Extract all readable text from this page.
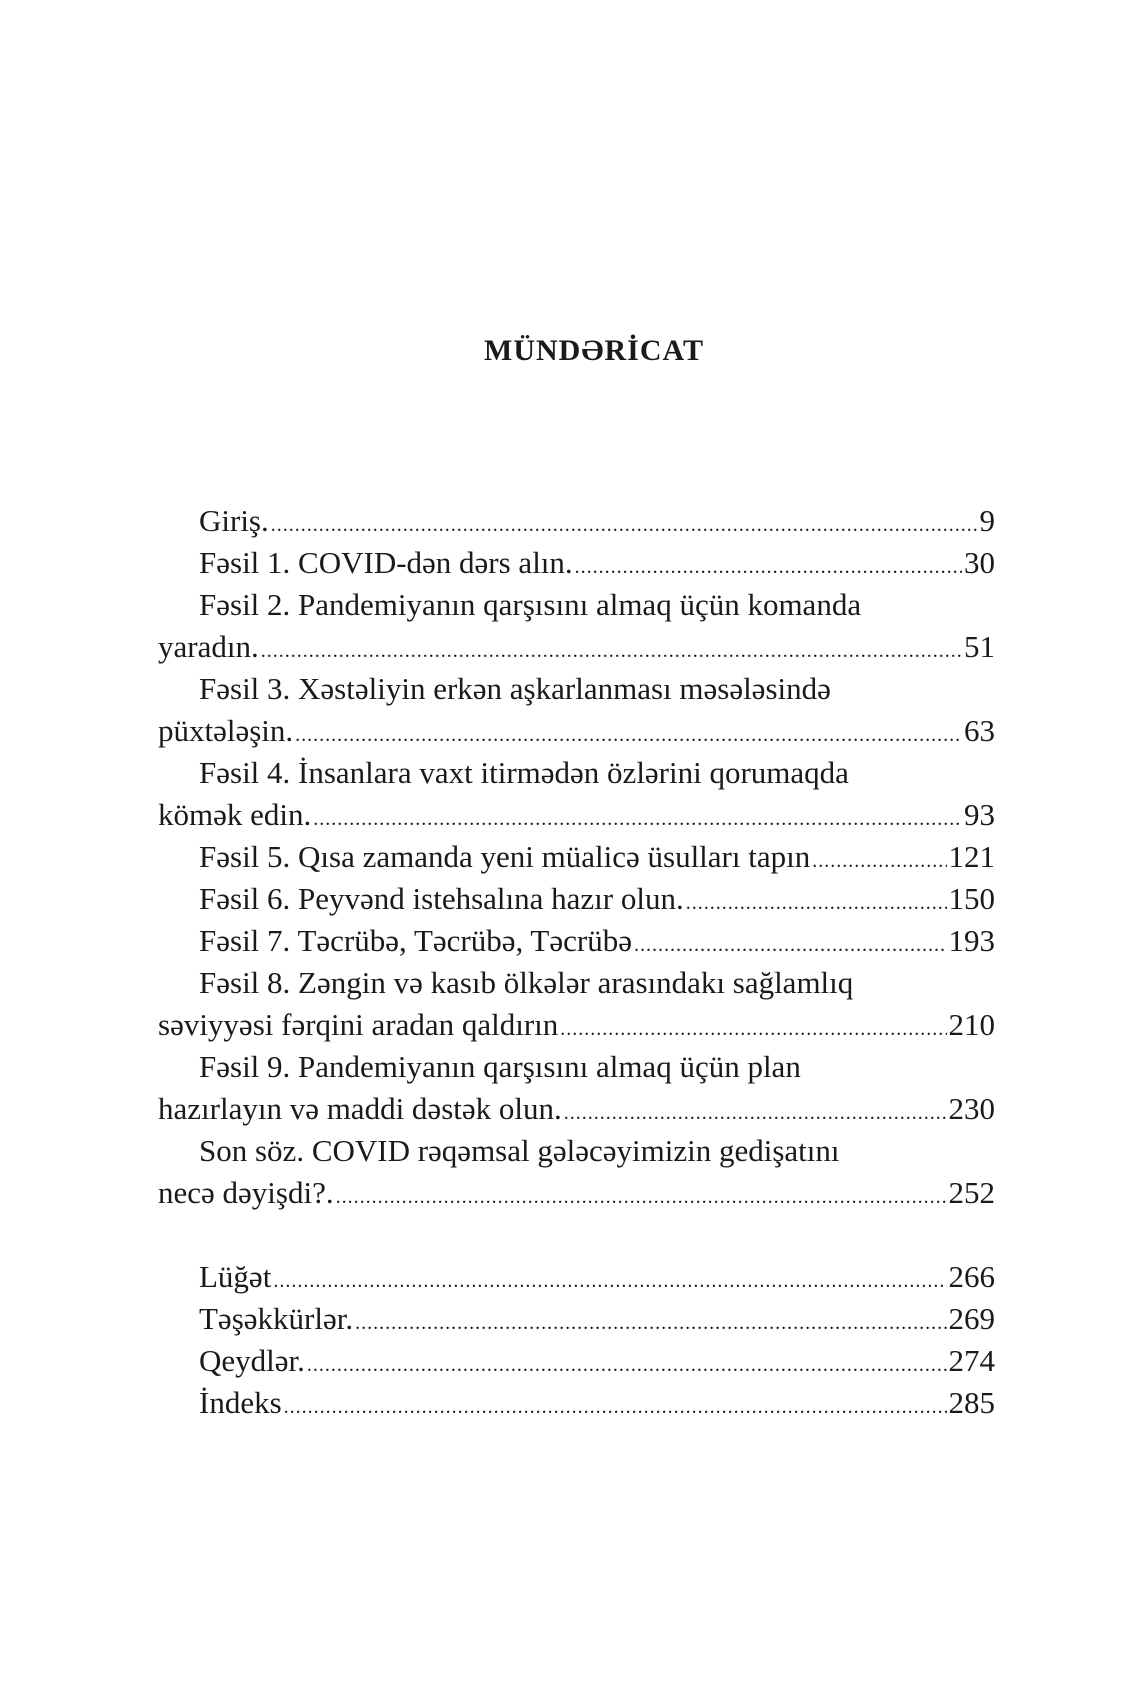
MÜNDƏRİCAT
Giriş. .....	9
Fəsil 1. COVID-dən dərs alın. .....	30
Fəsil 2. Pandemiyanın qarşısını almaq üçün komanda
yaradın. .....	51
Fəsil 3. Xəstəliyin erkən aşkarlanması məsələsində
püxtələşin. .....	63
Fəsil 4. İnsanlara vaxt itirmədən özlərini qorumaqda
kömək edin. .....	93
Fəsil 5. Qısa zamanda yeni müalicə üsulları tapın .....	121
Fəsil 6. Peyvənd istehsalına hazır olun. .....	150
Fəsil 7. Təcrübə, Təcrübə, Təcrübə .....	193
Fəsil 8. Zəngin və kasıb ölkələr arasındakı sağlamlıq
səviyyəsi fərqini aradan qaldırın .....	210
Fəsil 9. Pandemiyanın qarşısını almaq üçün plan
hazırlayın və maddi dəstək olun. .....	230
Son söz. COVID rəqəmsal gələcəyimizin gedişatını
necə dəyişdi?. .....	252
Lüğət .....	266
Təşəkkürlər. .....	269
Qeydlər. .....	274
İndeks .....	285
